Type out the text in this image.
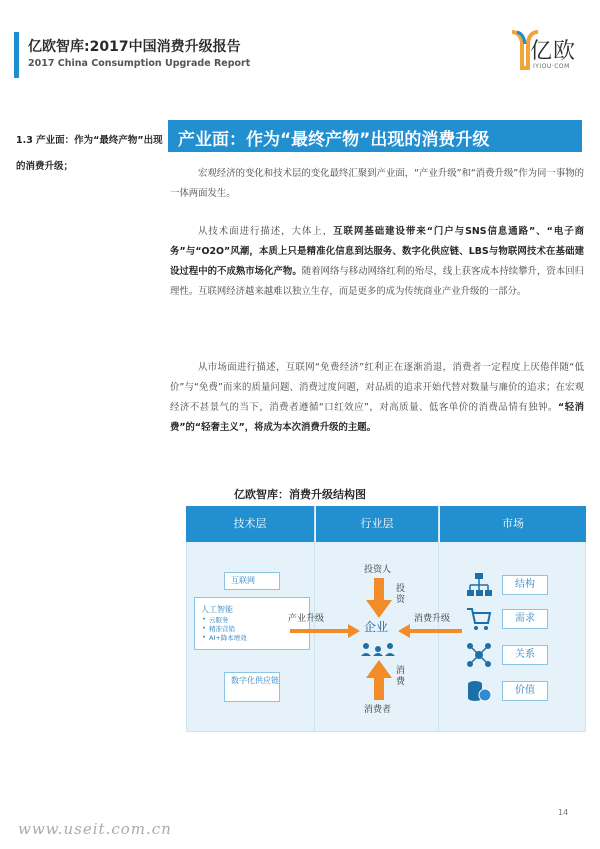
亿欧智库:2017中国消费升级报告
2017 China Consumption Upgrade Report	亿欧
IYIOU·COM
1.3 产业面：作为“最终产物”出现的消费升级；
产业面：作为“最终产物”出现的消费升级
宏观经济的变化和技术层的变化最终汇聚到产业面，“产业升级”和“消费升级”作为同一事物的一体两面发生。
从技术面进行描述，大体上，互联网基础建设带来“门户与SNS信息通路”、“电子商务”与“O2O”风潮，本质上只是精准化信息到达服务、数字化供应链、LBS与物联网技术在基础建设过程中的不成熟市场化产物。随着网络与移动网络红利的殆尽，线上获客成本持续攀升，资本回归理性。互联网经济越来越难以独立生存，而是更多的成为传统商业产业升级的一部分。
从市场面进行描述，互联网“免费经济”红利正在逐渐消退，消费者一定程度上厌倦伴随“低价”与“免费”而来的质量问题、消费过度问题，对品质的追求开始代替对数量与廉价的追求；在宏观经济不甚景气的当下，消费者遵循“口红效应”，对高质量、低客单价的消费品情有独钟。“轻消费”的“轻奢主义”，将成为本次消费升级的主题。
亿欧智库：消费升级结构图
技术层	行业层	市场
互联网
人工智能
• 云服务
• 精准营销
• AI+降本增效
数字化供应链
投资人
投资
企业
消费
消费者
产业升级	消费升级
结构
需求
关系
价值
14
www.useit.com.cn
